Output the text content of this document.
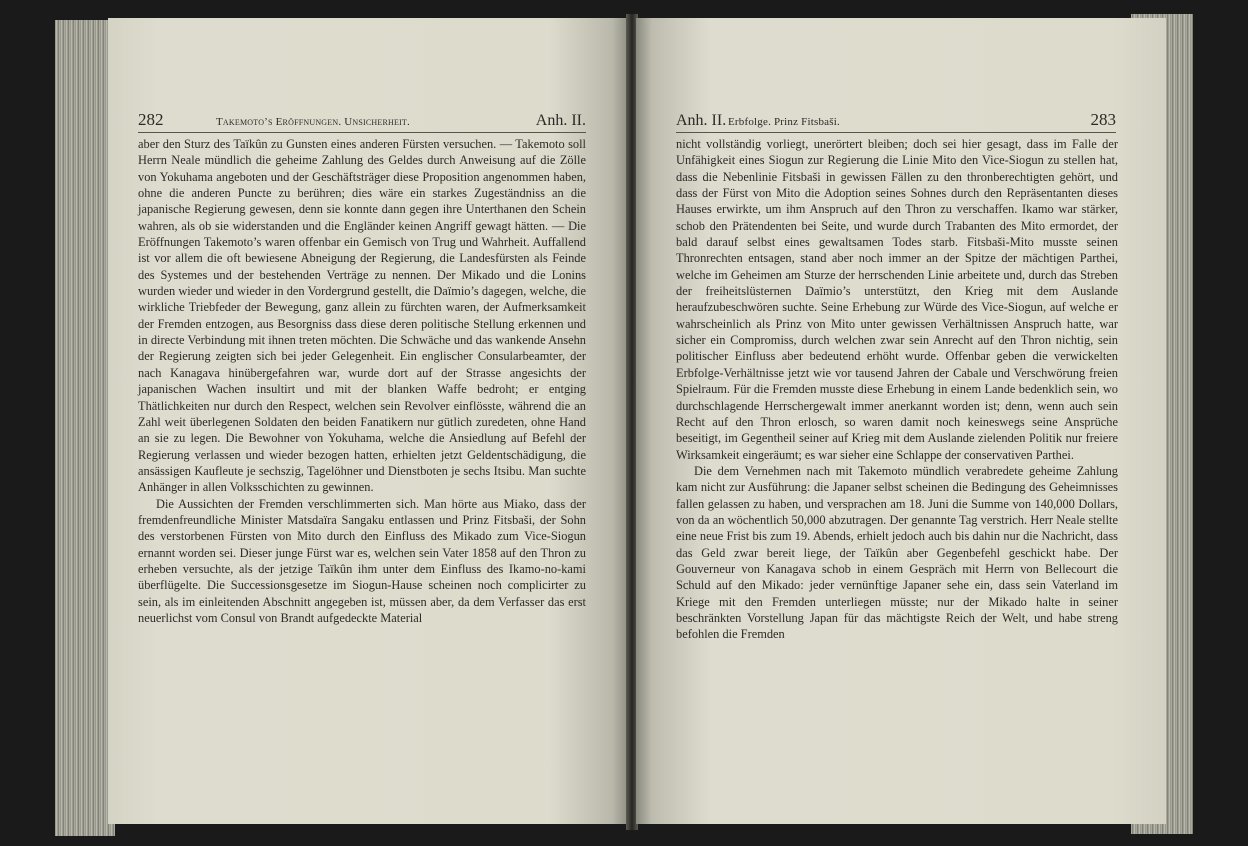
282	Takemoto’s Eröffnungen. Unsicherheit.	Anh. II.

aber den Sturz des Taïkûn zu Gunsten eines anderen Fürsten versuchen. — Takemoto soll Herrn Neale mündlich die geheime Zahlung des Geldes durch Anweisung auf die Zölle von Yokuhama angeboten und der Geschäftsträger diese Proposition angenommen haben, ohne die anderen Puncte zu berühren; dies wäre ein starkes Zugeständniss an die japanische Regierung gewesen, denn sie konnte dann gegen ihre Unterthanen den Schein wahren, als ob sie widerstanden und die Engländer keinen Angriff gewagt hätten. — Die Eröffnungen Takemoto’s waren offenbar ein Gemisch von Trug und Wahrheit. Auffallend ist vor allem die oft bewiesene Abneigung der Regierung, die Landesfürsten als Feinde des Systemes und der bestehenden Verträge zu nennen. Der Mikado und die Lonins wurden wieder und wieder in den Vordergrund gestellt, die Daïmio’s dagegen, welche, die wirkliche Triebfeder der Bewegung, ganz allein zu fürchten waren, der Aufmerksamkeit der Fremden entzogen, aus Besorgniss dass diese deren politische Stellung erkennen und in directe Verbindung mit ihnen treten möchten. Die Schwäche und das wankende Ansehn der Regierung zeigten sich bei jeder Gelegenheit. Ein englischer Consularbeamter, der nach Kanagava hinübergefahren war, wurde dort auf der Strasse angesichts der japanischen Wachen insultirt und mit der blanken Waffe bedroht; er entging Thätlichkeiten nur durch den Respect, welchen sein Revolver einflösste, während die an Zahl weit überlegenen Soldaten den beiden Fanatikern nur gütlich zuredeten, ohne Hand an sie zu legen. Die Bewohner von Yokuhama, welche die Ansiedlung auf Befehl der Regierung verlassen und wieder bezogen hatten, erhielten jetzt Geldentschädigung, die ansässigen Kaufleute je sechszig, Tagelöhner und Dienstboten je sechs Itsibu. Man suchte Anhänger in allen Volksschichten zu gewinnen.

Die Aussichten der Fremden verschlimmerten sich. Man hörte aus Miako, dass der fremdenfreundliche Minister Matsdaïra Sangaku entlassen und Prinz Fitsbaši, der Sohn des verstorbenen Fürsten von Mito durch den Einfluss des Mikado zum Vice-Siogun ernannt worden sei. Dieser junge Fürst war es, welchen sein Vater 1858 auf den Thron zu erheben versuchte, als der jetzige Taïkûn ihm unter dem Einfluss des Ikamo-no-kami überflügelte. Die Successionsgesetze im Siogun-Hause scheinen noch complicirter zu sein, als im einleitenden Abschnitt angegeben ist, müssen aber, da dem Verfasser das erst neuerlichst vom Consul von Brandt aufgedeckte Material

Anh. II. Erbfolge. Prinz Fitsbaši.	283

nicht vollständig vorliegt, unerörtert bleiben; doch sei hier gesagt, dass im Falle der Unfähigkeit eines Siogun zur Regierung die Linie Mito den Vice-Siogun zu stellen hat, dass die Nebenlinie Fitsbaši in gewissen Fällen zu den thronberechtigten gehört, und dass der Fürst von Mito die Adoption seines Sohnes durch den Repräsentanten dieses Hauses erwirkte, um ihm Anspruch auf den Thron zu verschaffen. Ikamo war stärker, schob den Prätendenten bei Seite, und wurde durch Trabanten des Mito ermordet, der bald darauf selbst eines gewaltsamen Todes starb. Fitsbaši-Mito musste seinen Thronrechten entsagen, stand aber noch immer an der Spitze der mächtigen Parthei, welche im Geheimen am Sturze der herrschenden Linie arbeitete und, durch das Streben der freiheitslüsternen Daïmio’s unterstützt, den Krieg mit dem Auslande heraufzubeschwören suchte. Seine Erhebung zur Würde des Vice-Siogun, auf welche er wahrscheinlich als Prinz von Mito unter gewissen Verhältnissen Anspruch hatte, war sicher ein Compromiss, durch welchen zwar sein Anrecht auf den Thron nichtig, sein politischer Einfluss aber bedeutend erhöht wurde. Offenbar geben die verwickelten Erbfolge-Verhältnisse jetzt wie vor tausend Jahren der Cabale und Verschwörung freien Spielraum. Für die Fremden musste diese Erhebung in einem Lande bedenklich sein, wo durchschlagende Herrschergewalt immer anerkannt worden ist; denn, wenn auch sein Recht auf den Thron erlosch, so waren damit noch keineswegs seine Ansprüche beseitigt, im Gegentheil seiner auf Krieg mit dem Auslande zielenden Politik nur freiere Wirksamkeit eingeräumt; es war sieher eine Schlappe der conservativen Parthei.

Die dem Vernehmen nach mit Takemoto mündlich verabredete geheime Zahlung kam nicht zur Ausführung: die Japaner selbst scheinen die Bedingung des Geheimnisses fallen gelassen zu haben, und versprachen am 18. Juni die Summe von 140,000 Dollars, von da an wöchentlich 50,000 abzutragen. Der genannte Tag verstrich. Herr Neale stellte eine neue Frist bis zum 19. Abends, erhielt jedoch auch bis dahin nur die Nachricht, dass das Geld zwar bereit liege, der Taïkûn aber Gegenbefehl geschickt habe. Der Gouverneur von Kanagava schob in einem Gespräch mit Herrn von Bellecourt die Schuld auf den Mikado: jeder vernünftige Japaner sehe ein, dass sein Vaterland im Kriege mit den Fremden unterliegen müsste; nur der Mikado halte in seiner beschränkten Vorstellung Japan für das mächtigste Reich der Welt, und habe streng befohlen die Fremden
